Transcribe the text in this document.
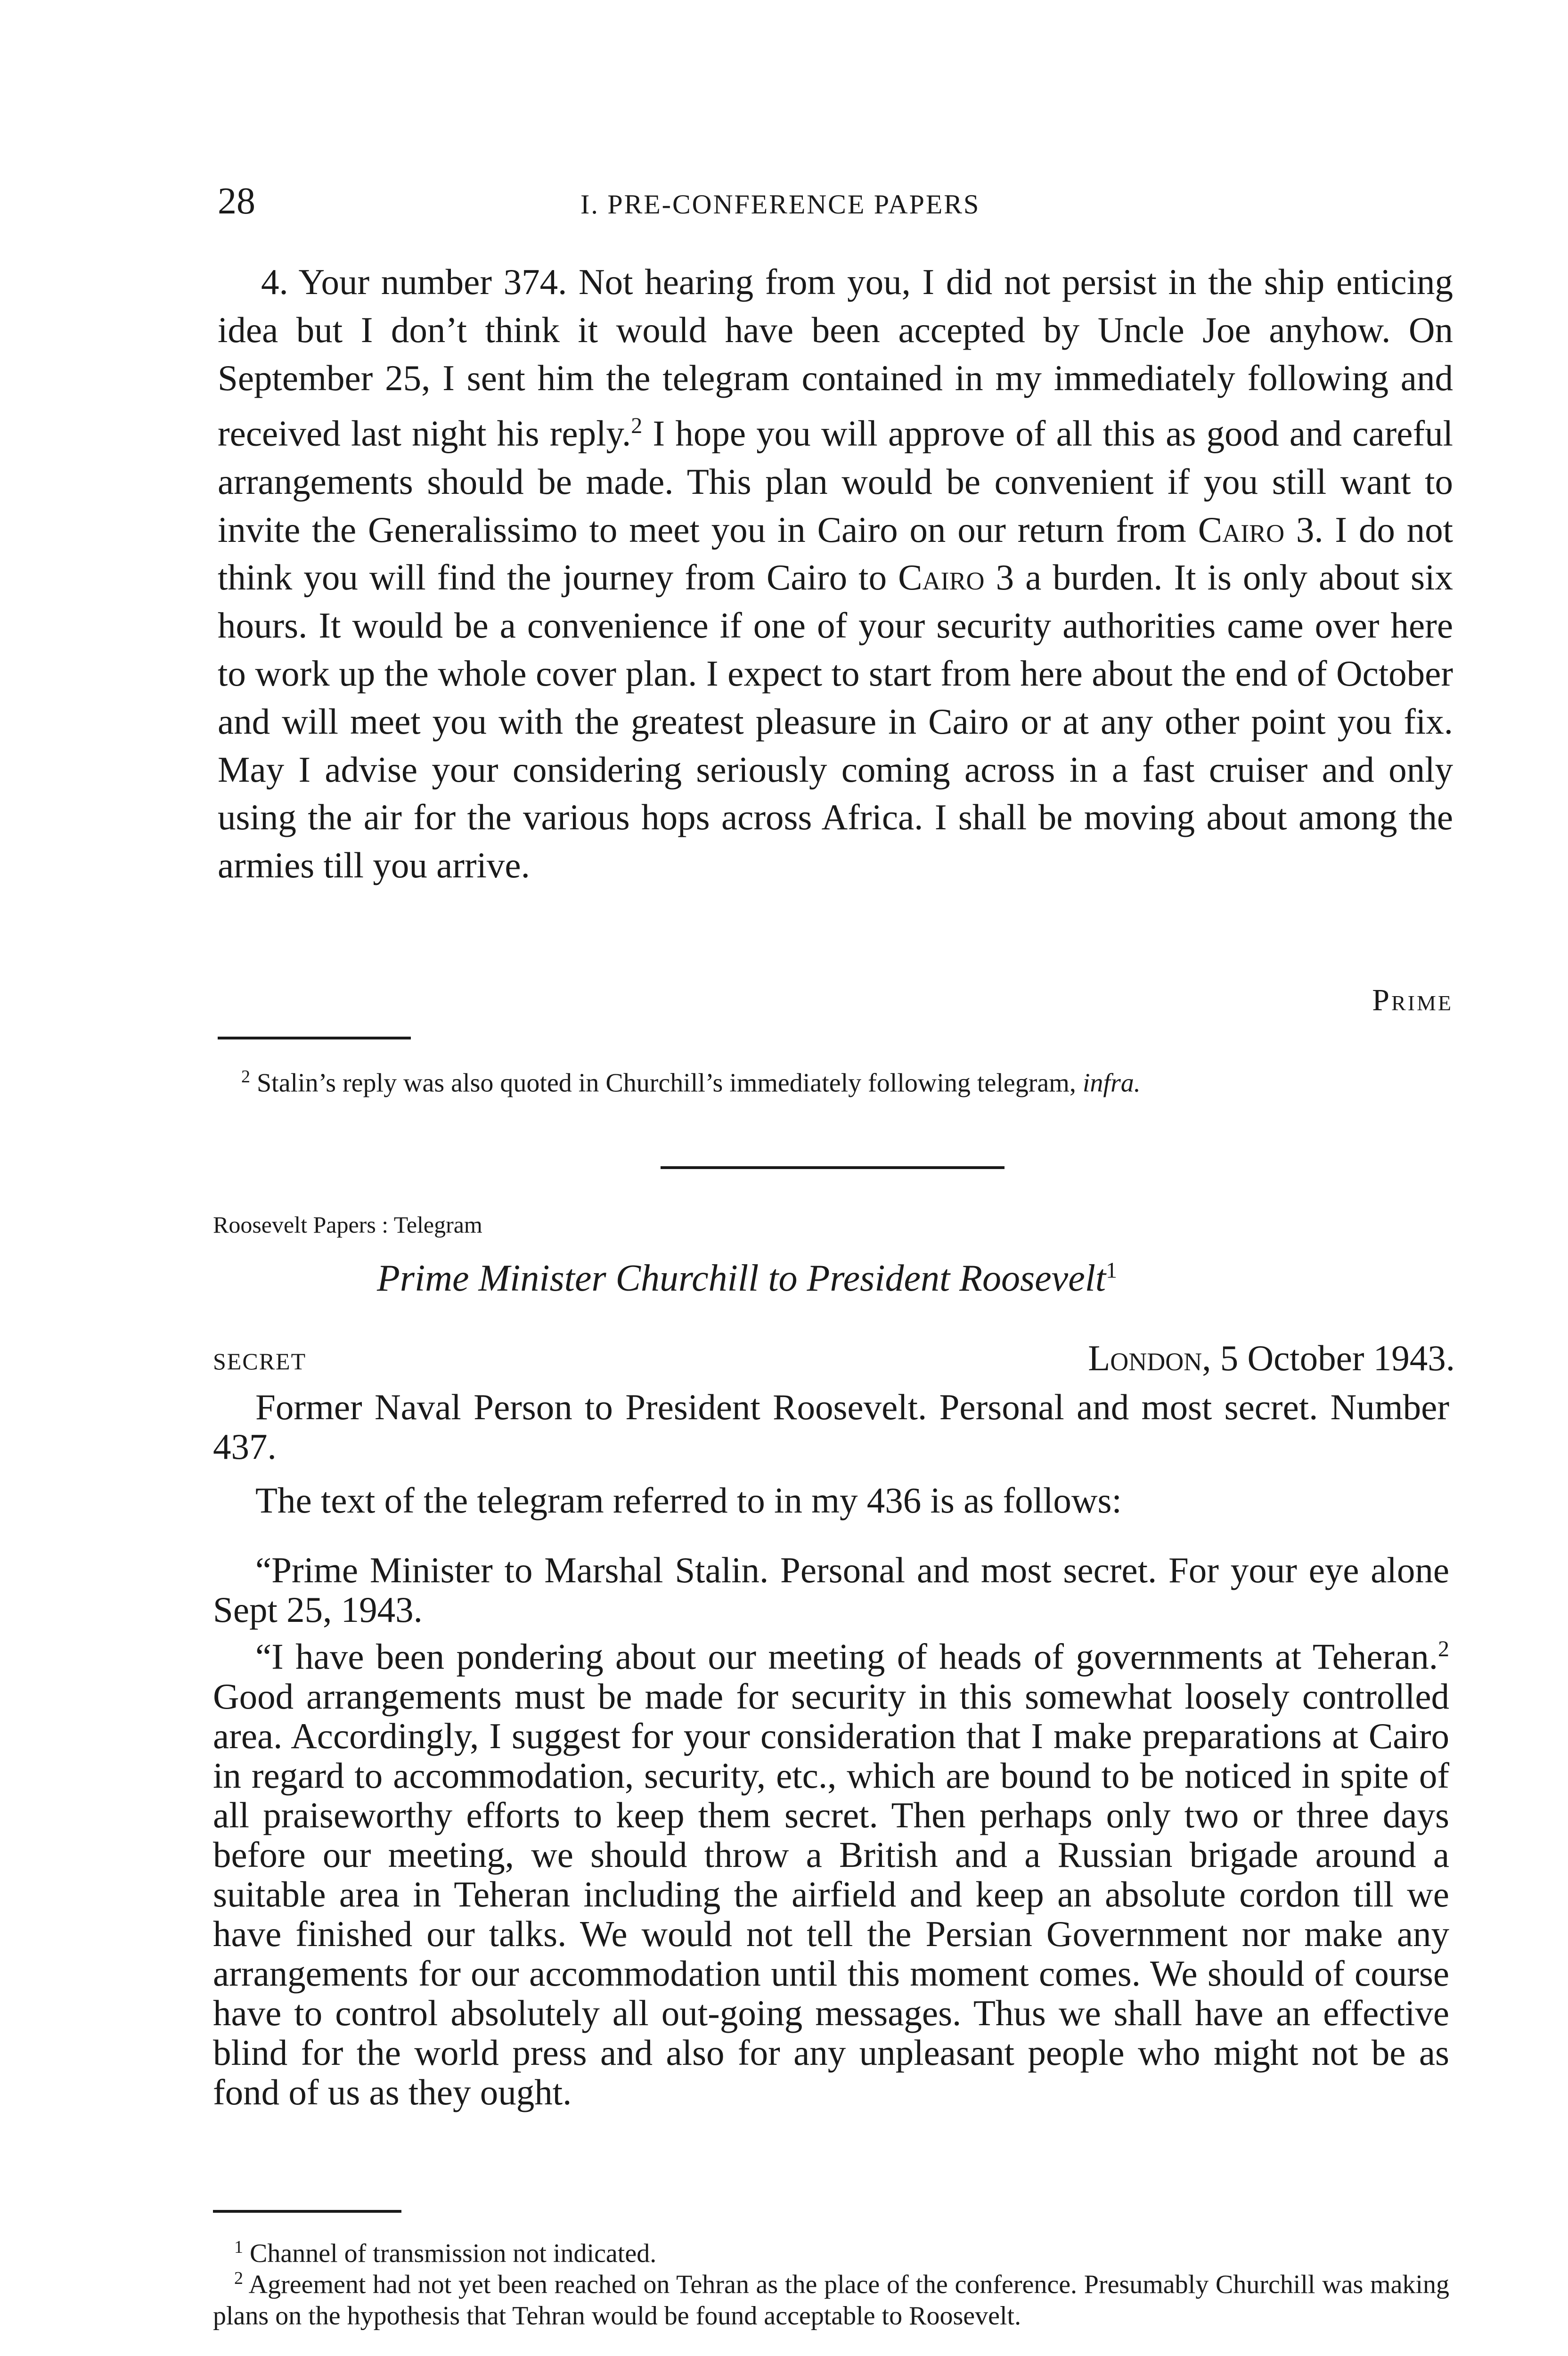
28	I. PRE-CONFERENCE PAPERS

4. Your number 374. Not hearing from you, I did not persist in the ship enticing idea but I don’t think it would have been accepted by Uncle Joe anyhow. On September 25, I sent him the telegram contained in my immediately following and received last night his reply.$^2$ I hope you will approve of all this as good and careful arrangements should be made. This plan would be convenient if you still want to invite the Generalissimo to meet you in Cairo on our return from Cairo 3. I do not think you will find the journey from Cairo to Cairo 3 a burden. It is only about six hours. It would be a convenience if one of your security authorities came over here to work up the whole cover plan. I expect to start from here about the end of October and will meet you with the greatest pleasure in Cairo or at any other point you fix. May I advise your considering seriously coming across in a fast cruiser and only using the air for the various hops across Africa. I shall be moving about among the armies till you arrive.

Prime
$^2$ Stalin’s reply was also quoted in Churchill’s immediately following telegram, infra.
Roosevelt Papers : Telegram
Prime Minister Churchill to President Roosevelt$^1$
SECRET	London, 5 October 1943.

Former Naval Person to President Roosevelt. Personal and most secret. Number 437.

The text of the telegram referred to in my 436 is as follows:

“Prime Minister to Marshal Stalin. Personal and most secret. For your eye alone Sept 25, 1943.

“I have been pondering about our meeting of heads of governments at Teheran.$^2$ Good arrangements must be made for security in this somewhat loosely controlled area. Accordingly, I suggest for your consideration that I make preparations at Cairo in regard to accommodation, security, etc., which are bound to be noticed in spite of all praiseworthy efforts to keep them secret. Then perhaps only two or three days before our meeting, we should throw a British and a Russian brigade around a suitable area in Teheran including the airfield and keep an absolute cordon till we have finished our talks. We would not tell the Persian Government nor make any arrangements for our accommodation until this moment comes. We should of course have to control absolutely all out-going messages. Thus we shall have an effective blind for the world press and also for any unpleasant people who might not be as fond of us as they ought.

$^1$ Channel of transmission not indicated.
$^2$ Agreement had not yet been reached on Tehran as the place of the conference. Presumably Churchill was making plans on the hypothesis that Tehran would be found acceptable to Roosevelt.
